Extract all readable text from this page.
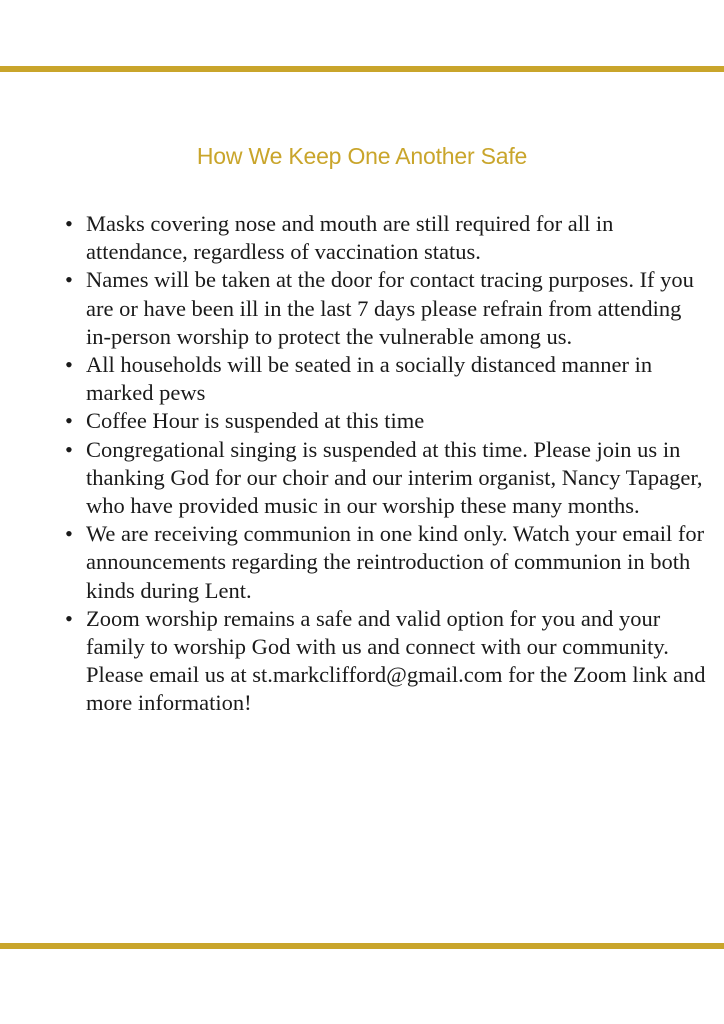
How We Keep One Another Safe
• Masks covering nose and mouth are still required for all in attendance, regardless of vaccination status.
• Names will be taken at the door for contact tracing purposes. If you are or have been ill in the last 7 days please refrain from attending in-person worship to protect the vulnerable among us.
• All households will be seated in a socially distanced manner in marked pews
• Coffee Hour is suspended at this time
• Congregational singing is suspended at this time. Please join us in thanking God for our choir and our interim organist, Nancy Tapager, who have provided music in our worship these many months.
• We are receiving communion in one kind only. Watch your email for announcements regarding the reintroduction of communion in both kinds during Lent.
• Zoom worship remains a safe and valid option for you and your family to worship God with us and connect with our community. Please email us at st.markclifford@gmail.com for the Zoom link and more information!
